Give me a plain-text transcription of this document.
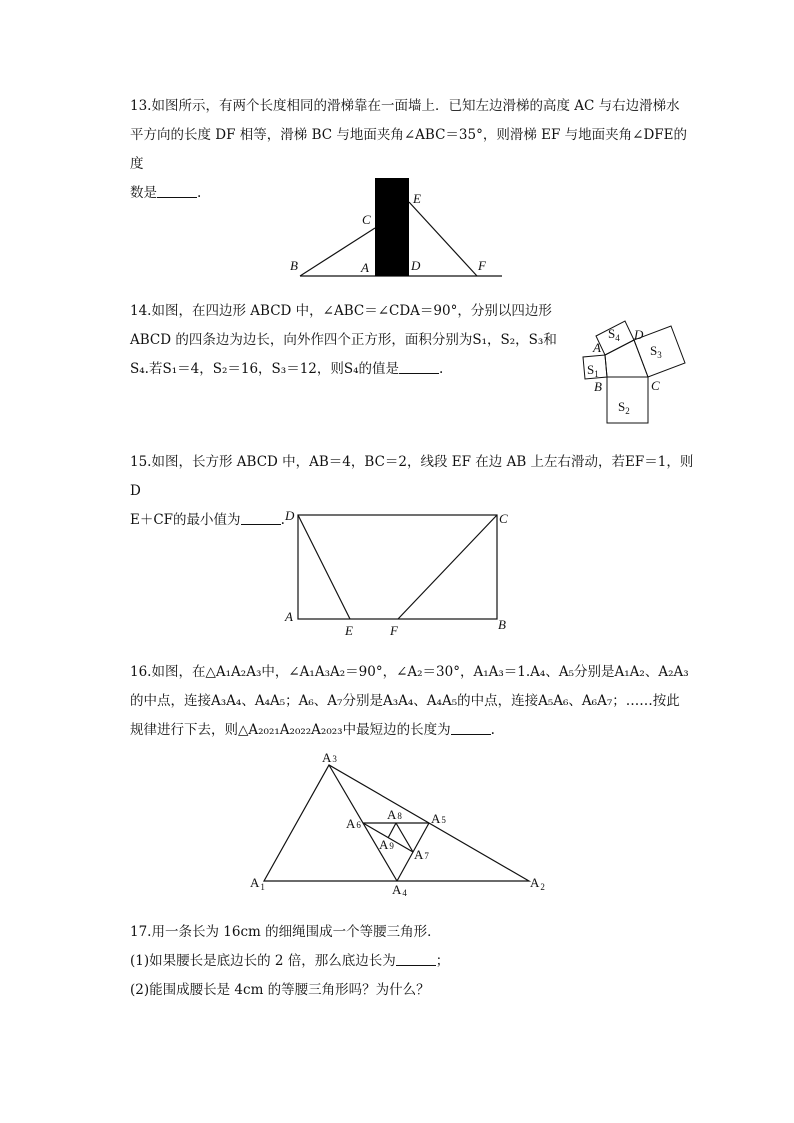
13.如图所示，有两个长度相同的滑梯靠在一面墙上．已知左边滑梯的高度 AC 与右边滑梯水

平方向的长度 DF 相等，滑梯 BC 与地面夹角∠ABC＝35°，则滑梯 EF 与地面夹角∠DFE的度

数是	.

B
C
A	D
E
F

14.如图，在四边形 ABCD 中，∠ABC＝∠CDA＝90°，分别以四边形

ABCD 的四条边为边长，向外作四个正方形，面积分别为S₁，S₂，S₃和

S₄.若S₁＝4，S₂＝16，S₃＝12，则S₄的值是	.

A
B	C
D
$S_1$
$S_2$
$S_3$
$S_4$

15.如图，长方形 ABCD 中，AB＝4，BC＝2，线段 EF 在边 AB 上左右滑动，若EF＝1，则D

E＋CF的最小值为	. D	C
A
B
E	F

16.如图，在△A₁A₂A₃中，∠A₁A₃A₂＝90°，∠A₂＝30°，A₁A₃＝1.A₄、A₅分别是A₁A₂、A₂A₃

的中点，连接A₃A₄、A₄A₅；A₆、A₇分别是A₃A₄、A₄A₅的中点，连接A₅A₆、A₆A₇；……按此

规律进行下去，则△A₂₀₂₁A₂₀₂₂A₂₀₂₃中最短边的长度为	.

A3
$A_1$	$A_2$
A4
A5
A6
A7
A8
A9

17.用一条长为 16cm 的细绳围成一个等腰三角形．

(1)如果腰长是底边长的 2 倍，那么底边长为	；

(2)能围成腰长是 4cm 的等腰三角形吗？为什么？
